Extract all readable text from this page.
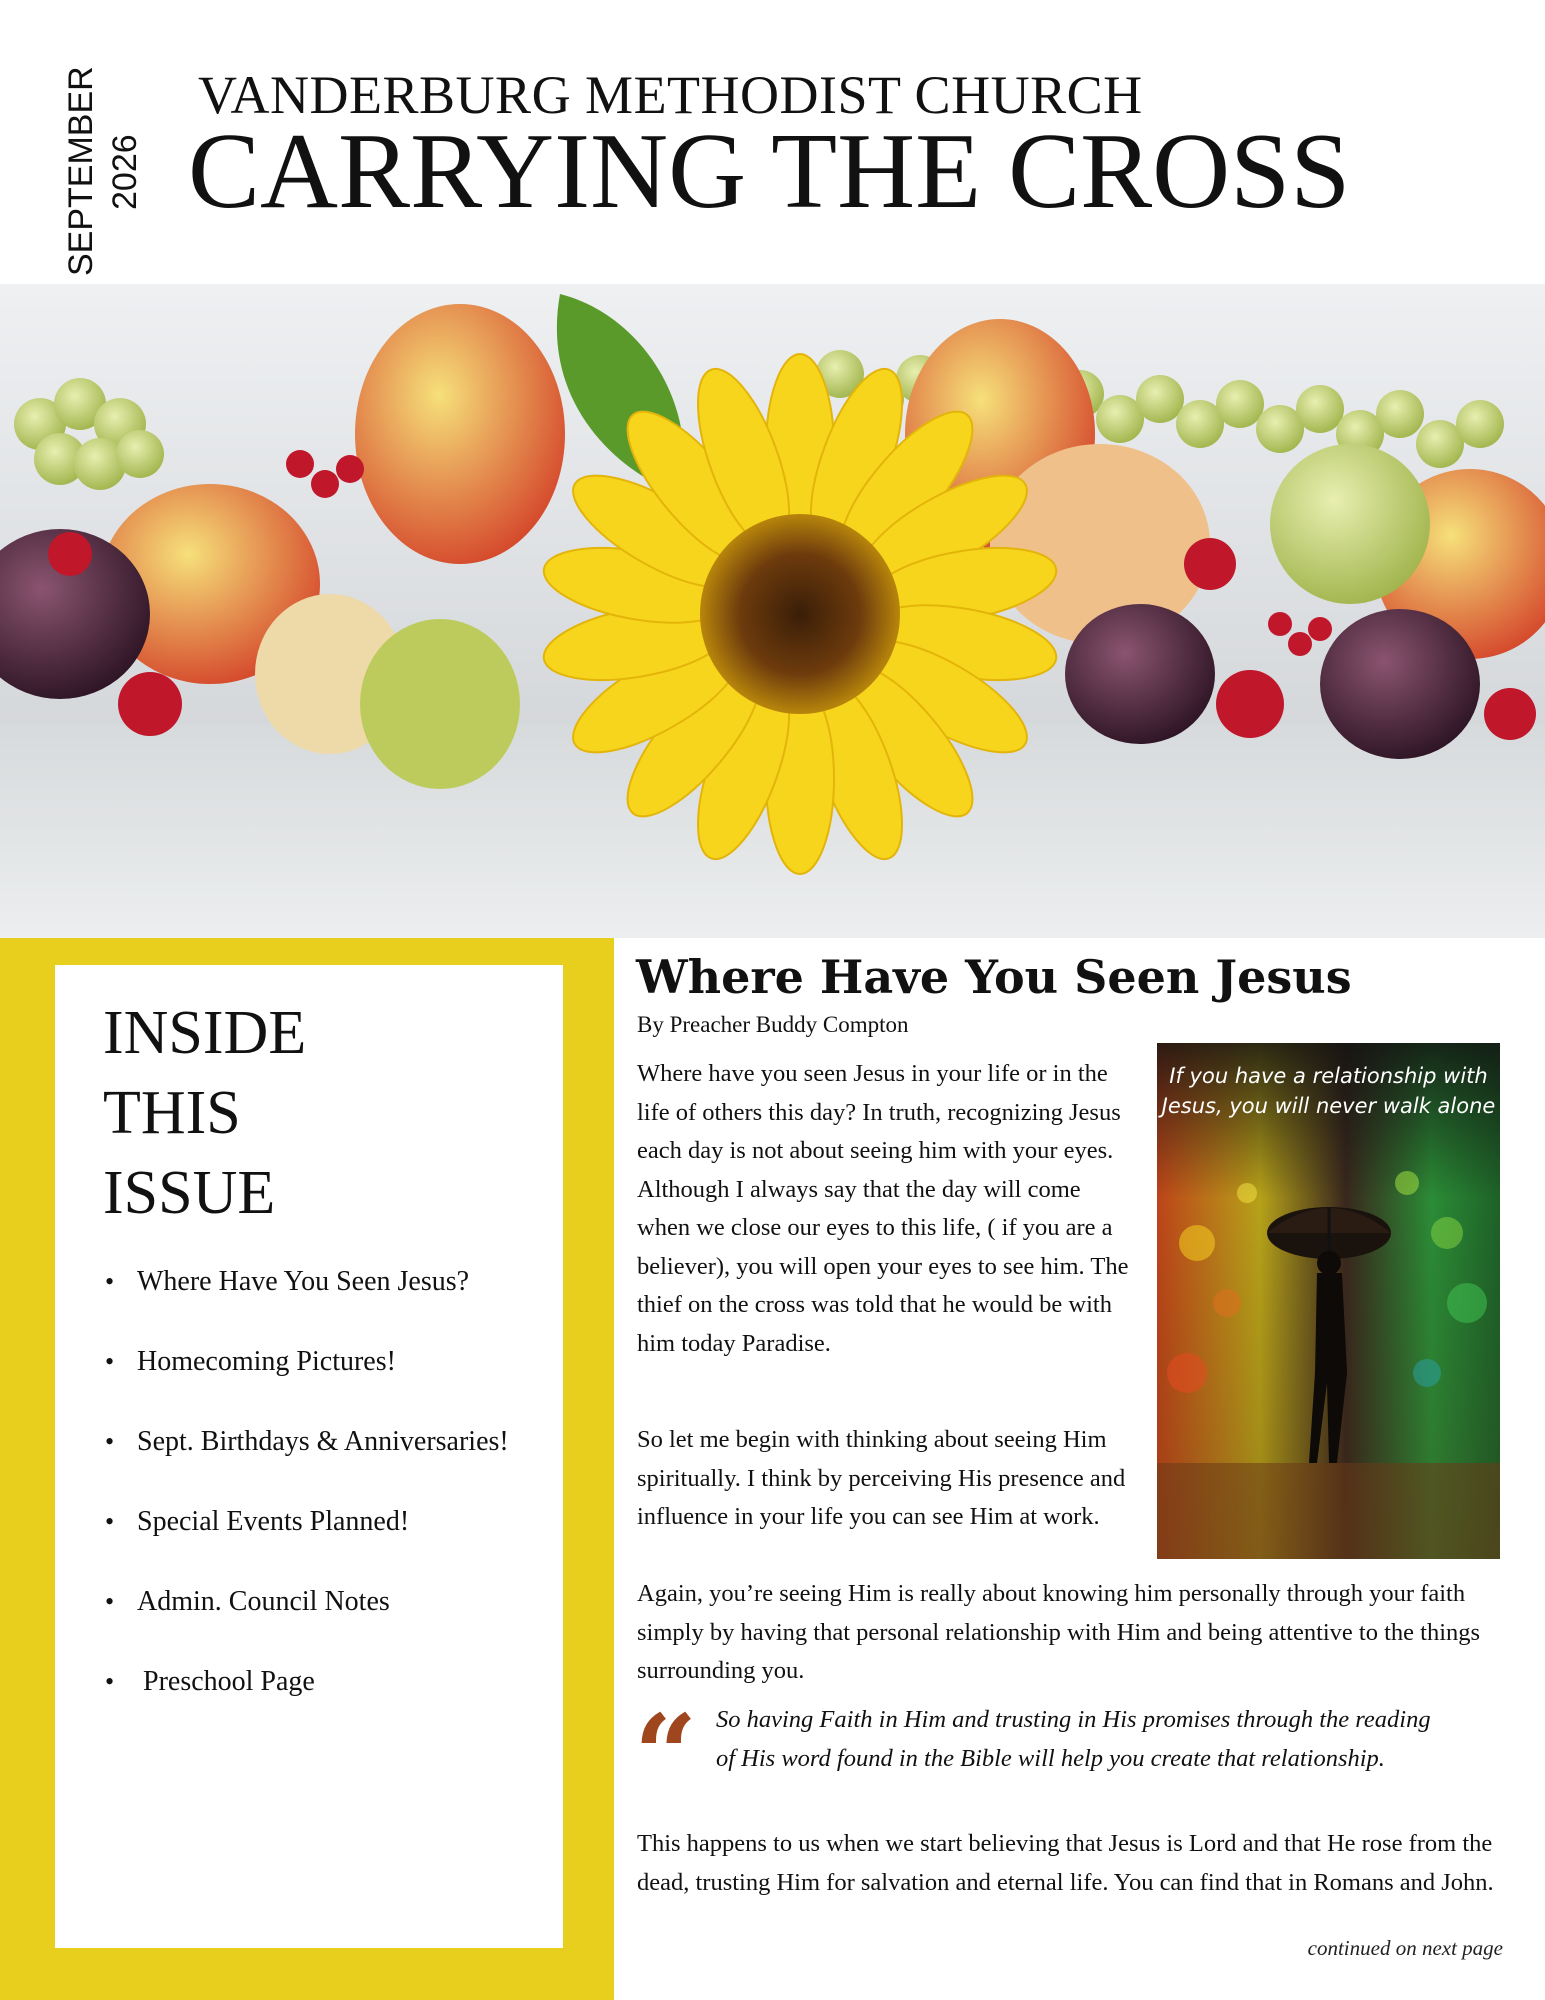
SEPTEMBER 2026
VANDERBURG METHODIST CHURCH
CARRYING THE CROSS
INSIDE
THIS
ISSUE
• Where Have You Seen Jesus?
• Homecoming Pictures!
• Sept. Birthdays & Anniversaries!
• Special Events Planned!
• Admin. Council Notes
• Preschool Page
Where Have You Seen Jesus
By Preacher Buddy Compton
Where have you seen Jesus in your life or in the life of others this day? In truth, recognizing Jesus each day is not about seeing him with your eyes. Although I always say that the day will come when we close our eyes to this life, ( if you are a believer), you will open your eyes to see him. The thief on the cross was told that he would be with him today Paradise.
So let me begin with thinking about seeing Him spiritually. I think by perceiving His presence and influence in your life you can see Him at work.
Again, you’re seeing Him is really about knowing him personally through your faith simply by having that personal relationship with Him and being attentive to the things surrounding you.
“ So having Faith in Him and trusting in His promises through the reading of His word found in the Bible will help you create that relationship.
This happens to us when we start believing that Jesus is Lord and that He rose from the dead, trusting Him for salvation and eternal life. You can find that in Romans and John.
continued on next page
If you have a relationship with
Jesus, you will never walk alone
